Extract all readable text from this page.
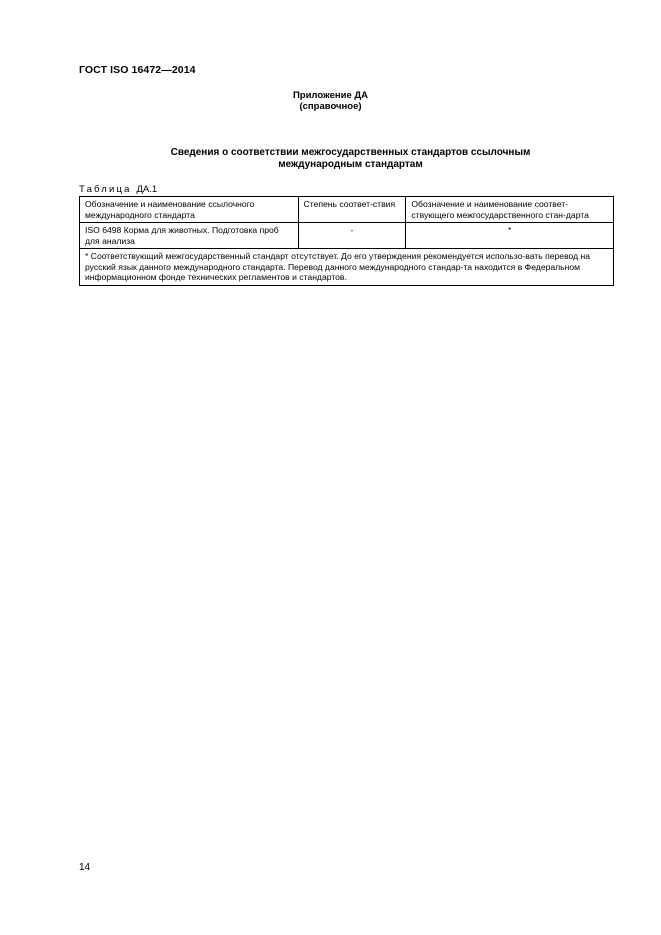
ГОСТ ISO 16472—2014
Приложение ДА
(справочное)
Сведения о соответствии межгосударственных стандартов ссылочным
международным стандартам
Таблица ДА.1
Обозначение и наименование ссылочного международного стандарта	Степень соответ-ствия	Обозначение и наименование соответ-ствующего межгосударственного стан-дарта
ISO 6498 Корма для животных. Подготовка проб для анализа	-	*
* Соответствующий межгосударственный стандарт отсутствует. До его утверждения рекомендуется использо-вать перевод на русский язык данного международного стандарта. Перевод данного международного стандар-та находится в Федеральном информационном фонде технических регламентов и стандартов.		
14
